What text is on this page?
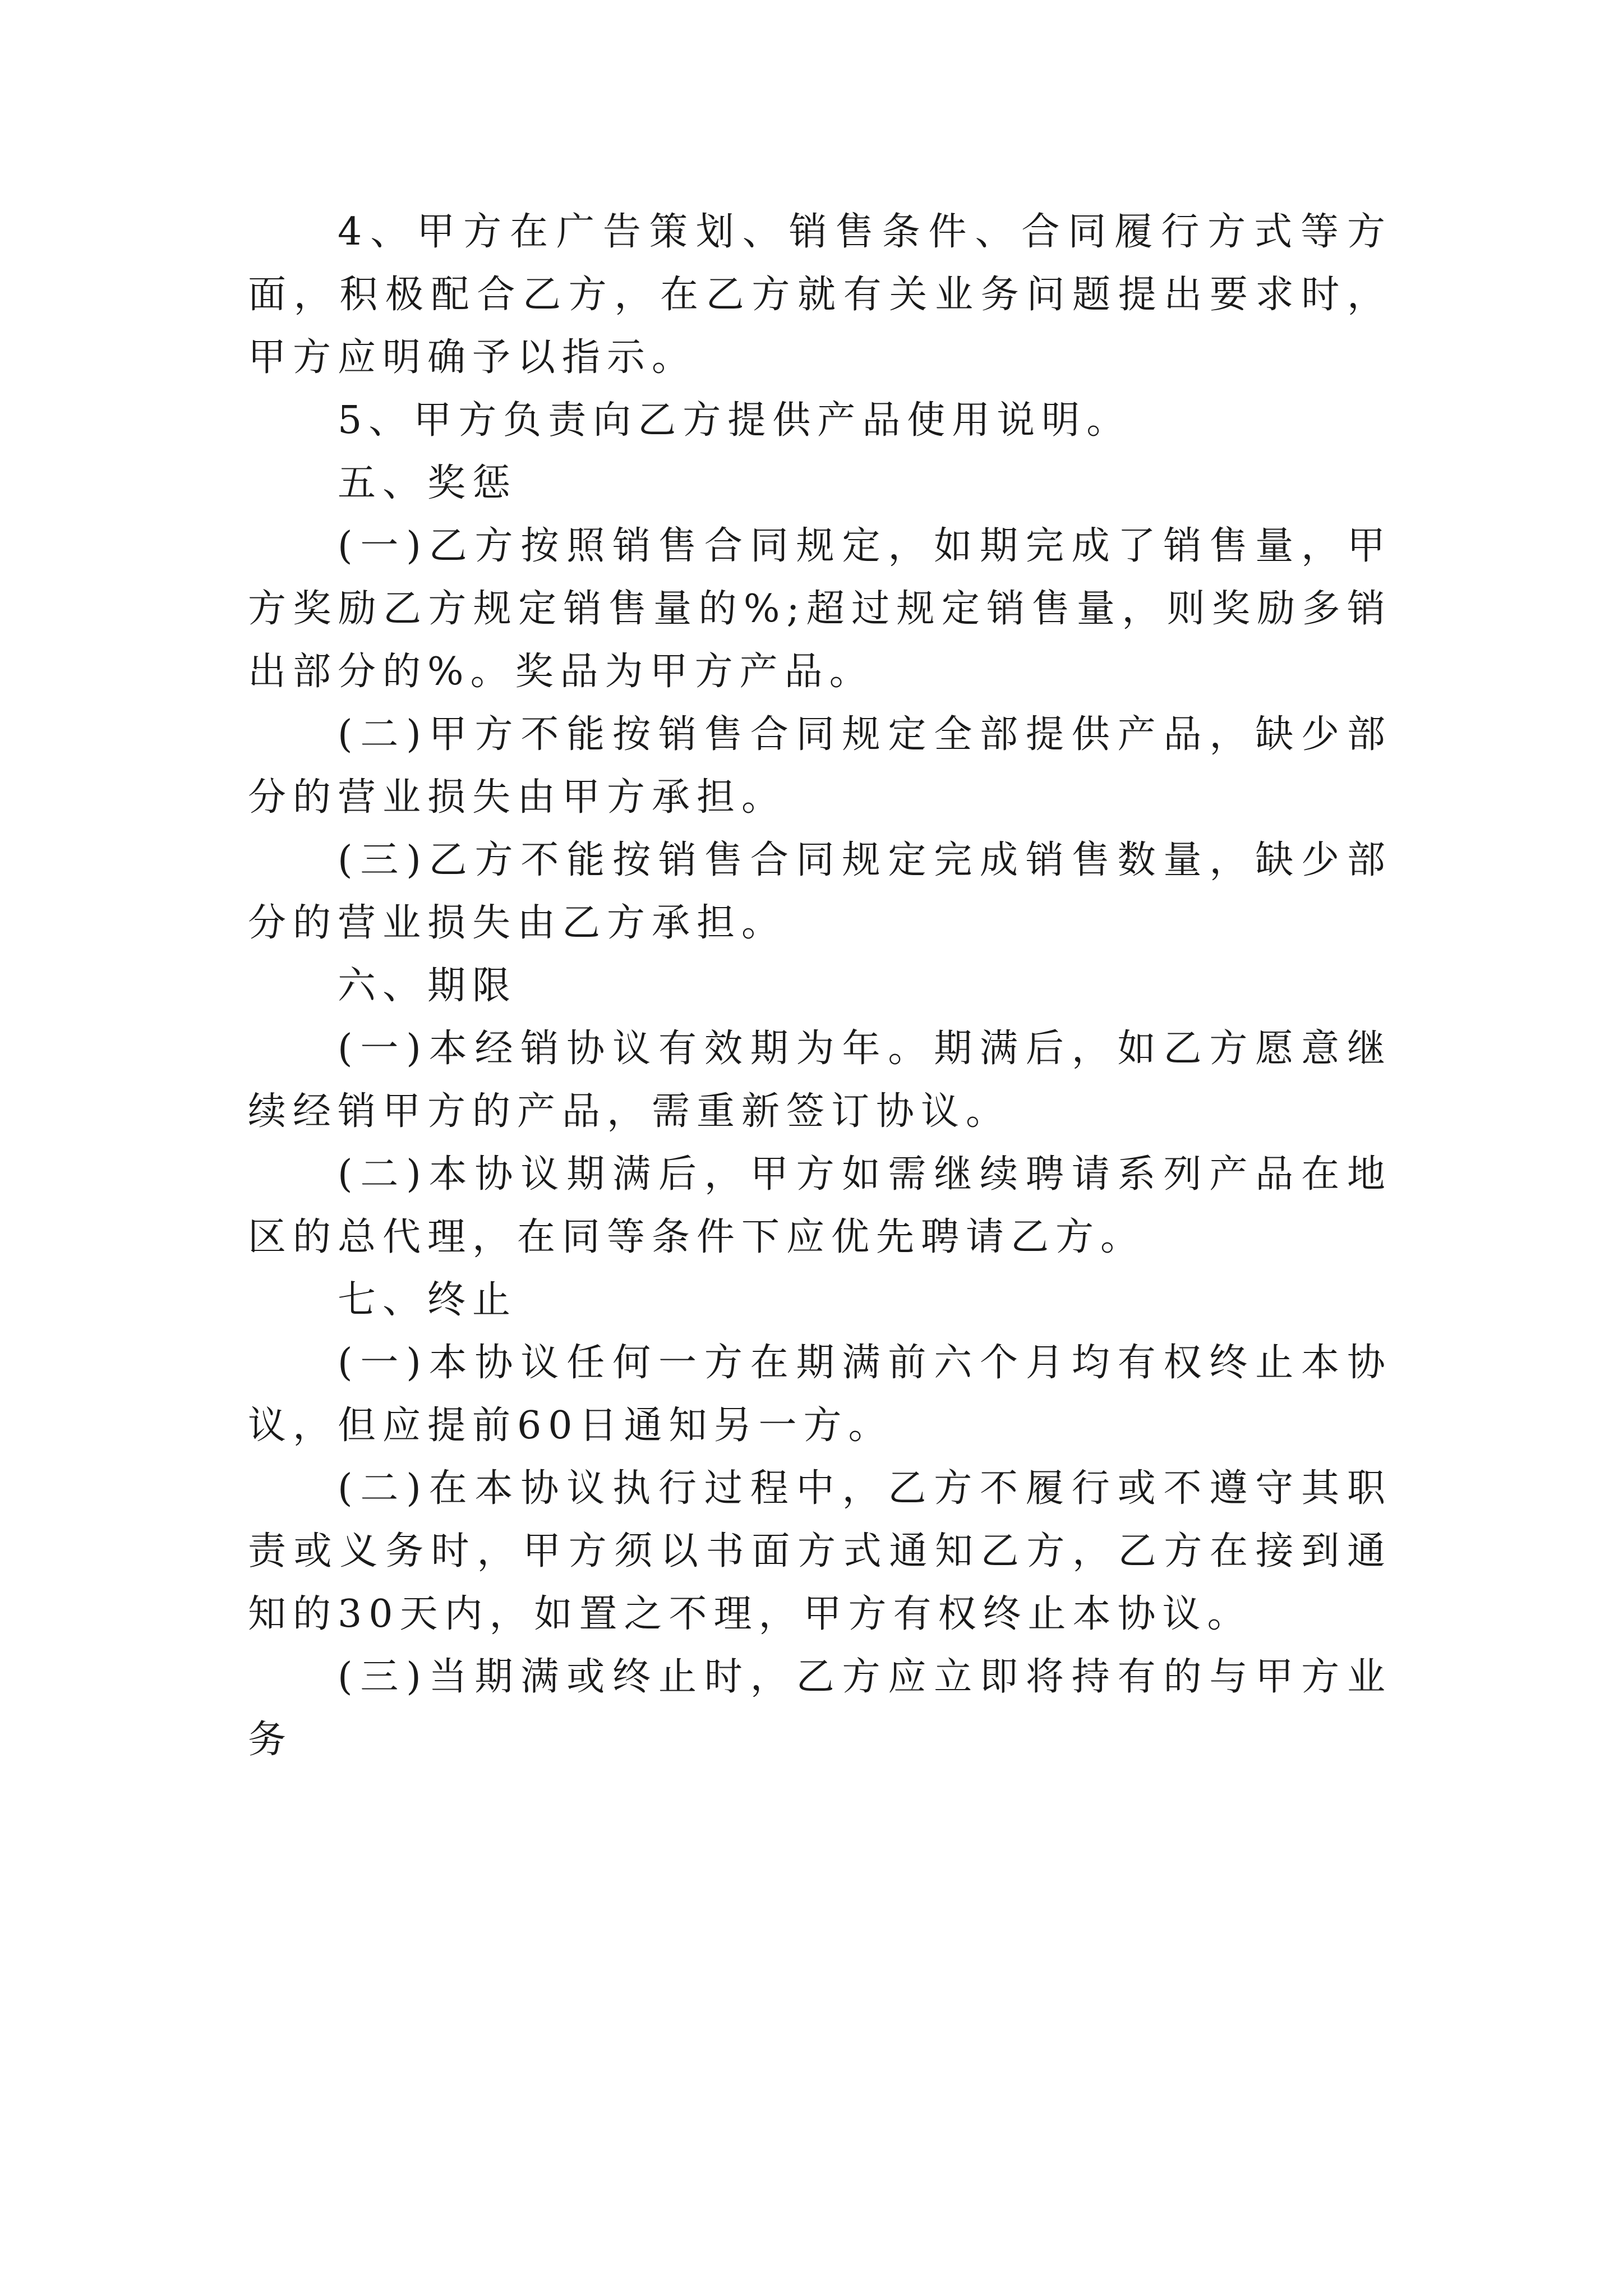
4、甲方在广告策划、销售条件、合同履行方式等方面，积极配合乙方，在乙方就有关业务问题提出要求时，甲方应明确予以指示。

5、甲方负责向乙方提供产品使用说明。

五、奖惩

(一)乙方按照销售合同规定，如期完成了销售量，甲方奖励乙方规定销售量的%;超过规定销售量，则奖励多销出部分的%。奖品为甲方产品。

(二)甲方不能按销售合同规定全部提供产品，缺少部分的营业损失由甲方承担。

(三)乙方不能按销售合同规定完成销售数量，缺少部分的营业损失由乙方承担。

六、期限

(一)本经销协议有效期为年。期满后，如乙方愿意继续经销甲方的产品，需重新签订协议。

(二)本协议期满后，甲方如需继续聘请系列产品在地区的总代理，在同等条件下应优先聘请乙方。

七、终止

(一)本协议任何一方在期满前六个月均有权终止本协议，但应提前60日通知另一方。

(二)在本协议执行过程中，乙方不履行或不遵守其职责或义务时，甲方须以书面方式通知乙方，乙方在接到通知的30天内，如置之不理，甲方有权终止本协议。

(三)当期满或终止时，乙方应立即将持有的与甲方业务
